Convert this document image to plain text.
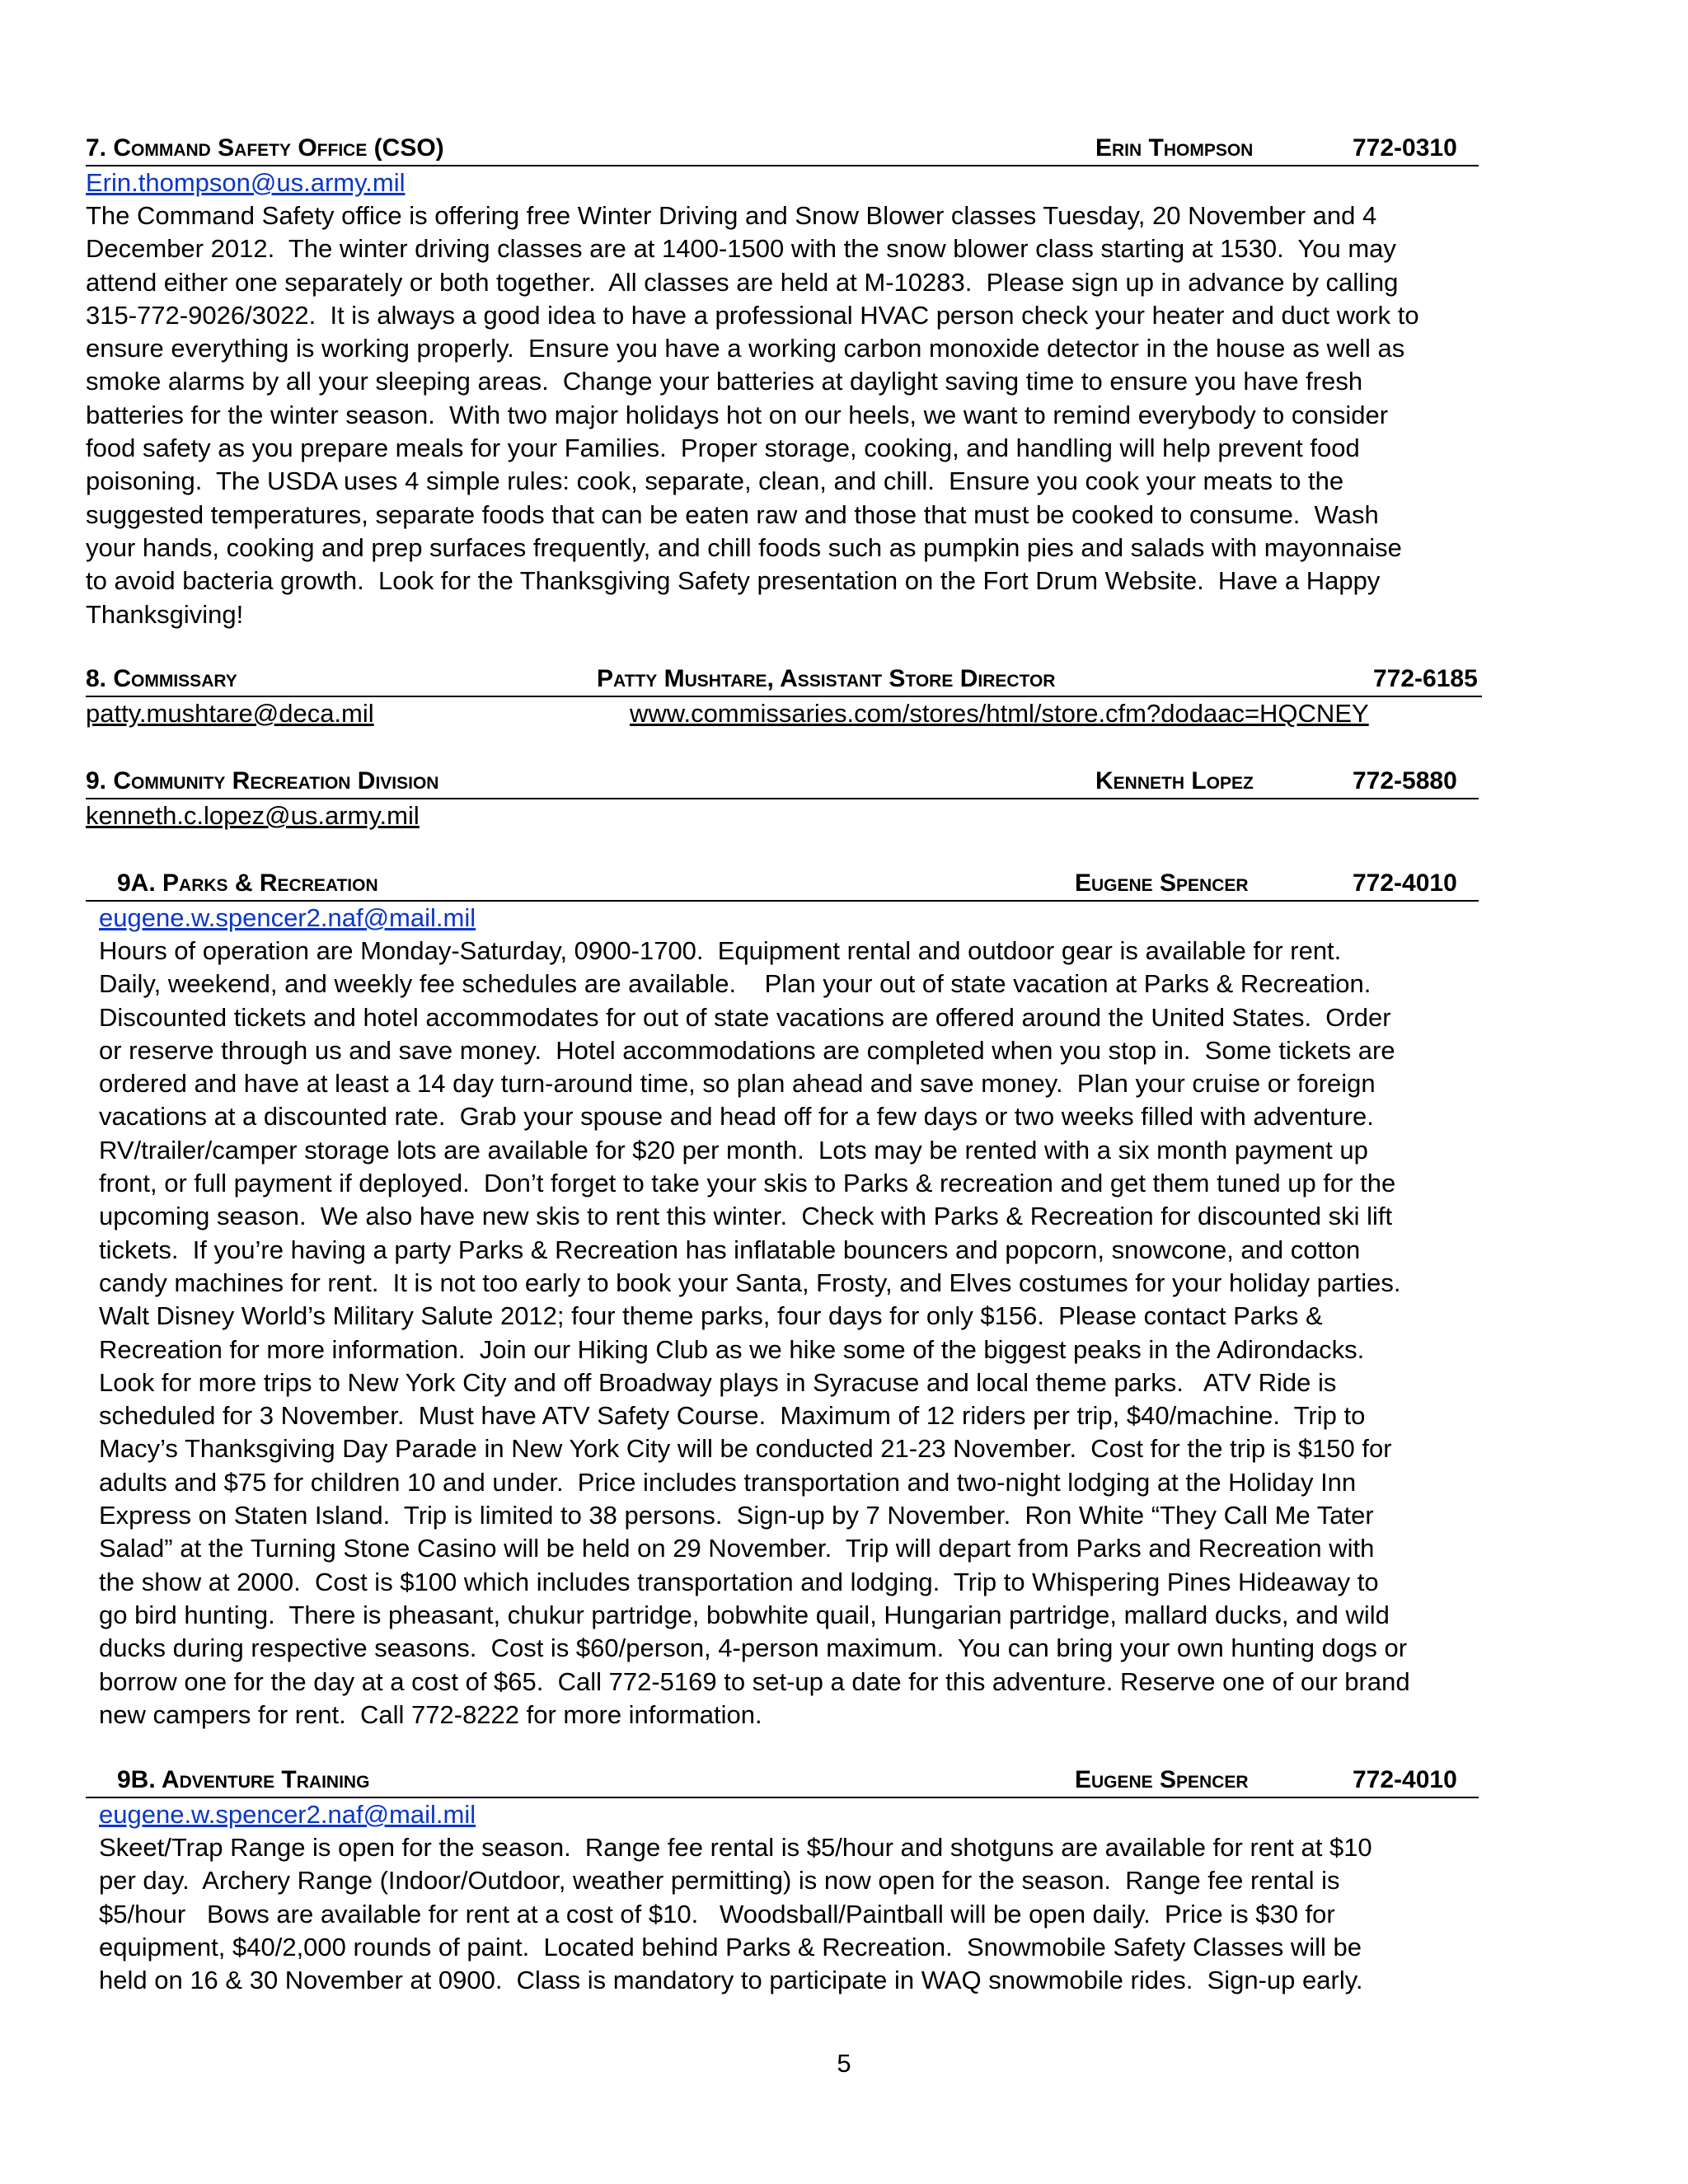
7. Command Safety Office (CSO)	Erin Thompson	772-0310
Erin.thompson@us.army.mil

The Command Safety office is offering free Winter Driving and Snow Blower classes Tuesday, 20 November and 4
December 2012.  The winter driving classes are at 1400-1500 with the snow blower class starting at 1530.  You may
attend either one separately or both together.  All classes are held at M-10283.  Please sign up in advance by calling
315-772-9026/3022.  It is always a good idea to have a professional HVAC person check your heater and duct work to
ensure everything is working properly.  Ensure you have a working carbon monoxide detector in the house as well as
smoke alarms by all your sleeping areas.  Change your batteries at daylight saving time to ensure you have fresh
batteries for the winter season.  With two major holidays hot on our heels, we want to remind everybody to consider
food safety as you prepare meals for your Families.  Proper storage, cooking, and handling will help prevent food
poisoning.  The USDA uses 4 simple rules: cook, separate, clean, and chill.  Ensure you cook your meats to the
suggested temperatures, separate foods that can be eaten raw and those that must be cooked to consume.  Wash
your hands, cooking and prep surfaces frequently, and chill foods such as pumpkin pies and salads with mayonnaise
to avoid bacteria growth.  Look for the Thanksgiving Safety presentation on the Fort Drum Website.  Have a Happy
Thanksgiving!

8. Commissary	Patty Mushtare, Assistant Store Director	772-6185
patty.mushtare@deca.mil	www.commissaries.com/stores/html/store.cfm?dodaac=HQCNEY
9. Community Recreation Division	Kenneth Lopez	772-5880
kenneth.c.lopez@us.army.mil
9A. Parks & Recreation	Eugene Spencer	772-4010
eugene.w.spencer2.naf@mail.mil

Hours of operation are Monday-Saturday, 0900-1700.  Equipment rental and outdoor gear is available for rent.
Daily, weekend, and weekly fee schedules are available.    Plan your out of state vacation at Parks & Recreation.
Discounted tickets and hotel accommodates for out of state vacations are offered around the United States.  Order
or reserve through us and save money.  Hotel accommodations are completed when you stop in.  Some tickets are
ordered and have at least a 14 day turn-around time, so plan ahead and save money.  Plan your cruise or foreign
vacations at a discounted rate.  Grab your spouse and head off for a few days or two weeks filled with adventure.
RV/trailer/camper storage lots are available for $20 per month.  Lots may be rented with a six month payment up
front, or full payment if deployed.  Don’t forget to take your skis to Parks & recreation and get them tuned up for the
upcoming season.  We also have new skis to rent this winter.  Check with Parks & Recreation for discounted ski lift
tickets.  If you’re having a party Parks & Recreation has inflatable bouncers and popcorn, snowcone, and cotton
candy machines for rent.  It is not too early to book your Santa, Frosty, and Elves costumes for your holiday parties.
Walt Disney World’s Military Salute 2012; four theme parks, four days for only $156.  Please contact Parks &
Recreation for more information.  Join our Hiking Club as we hike some of the biggest peaks in the Adirondacks.
Look for more trips to New York City and off Broadway plays in Syracuse and local theme parks.   ATV Ride is
scheduled for 3 November.  Must have ATV Safety Course.  Maximum of 12 riders per trip, $40/machine.  Trip to
Macy’s Thanksgiving Day Parade in New York City will be conducted 21-23 November.  Cost for the trip is $150 for
adults and $75 for children 10 and under.  Price includes transportation and two-night lodging at the Holiday Inn
Express on Staten Island.  Trip is limited to 38 persons.  Sign-up by 7 November.  Ron White “They Call Me Tater
Salad” at the Turning Stone Casino will be held on 29 November.  Trip will depart from Parks and Recreation with
the show at 2000.  Cost is $100 which includes transportation and lodging.  Trip to Whispering Pines Hideaway to
go bird hunting.  There is pheasant, chukur partridge, bobwhite quail, Hungarian partridge, mallard ducks, and wild
ducks during respective seasons.  Cost is $60/person, 4-person maximum.  You can bring your own hunting dogs or
borrow one for the day at a cost of $65.  Call 772-5169 to set-up a date for this adventure. Reserve one of our brand
new campers for rent.  Call 772-8222 for more information.

9B. Adventure Training	Eugene Spencer	772-4010
eugene.w.spencer2.naf@mail.mil

Skeet/Trap Range is open for the season.  Range fee rental is $5/hour and shotguns are available for rent at $10
per day.  Archery Range (Indoor/Outdoor, weather permitting) is now open for the season.  Range fee rental is
$5/hour   Bows are available for rent at a cost of $10.   Woodsball/Paintball will be open daily.  Price is $30 for
equipment, $40/2,000 rounds of paint.  Located behind Parks & Recreation.  Snowmobile Safety Classes will be
held on 16 & 30 November at 0900.  Class is mandatory to participate in WAQ snowmobile rides.  Sign-up early.

5
